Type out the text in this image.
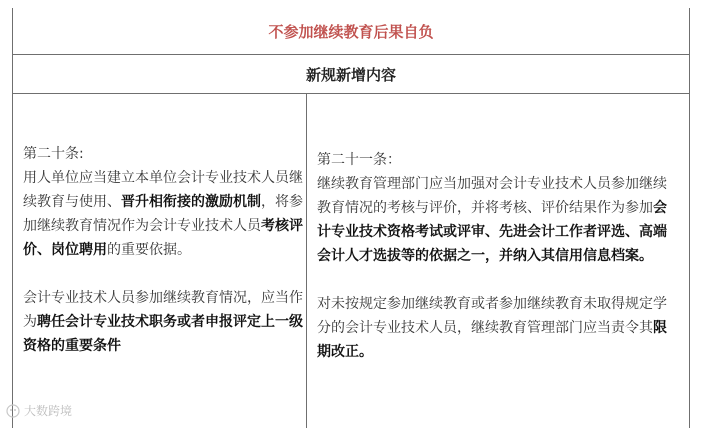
不参加继续教育后果自负
新规新增内容

第二十条:

用人单位应当建立本单位会计专业技术人员继续教育与使用、晋升相衔接的激励机制，将参加继续教育情况作为会计专业技术人员考核评价、岗位聘用的重要依据。

会计专业技术人员参加继续教育情况，应当作为聘任会计专业技术职务或者申报评定上一级资格的重要条件

第二十一条：

继续教育管理部门应当加强对会计专业技术人员参加继续教育情况的考核与评价，并将考核、评价结果作为参加会计专业技术资格考试或评审、先进会计工作者评选、高端会计人才选拔等的依据之一，并纳入其信用信息档案。

对未按规定参加继续教育或者参加继续教育未取得规定学分的会计专业技术人员，继续教育管理部门应当责令其限期改正。

大数跨境
